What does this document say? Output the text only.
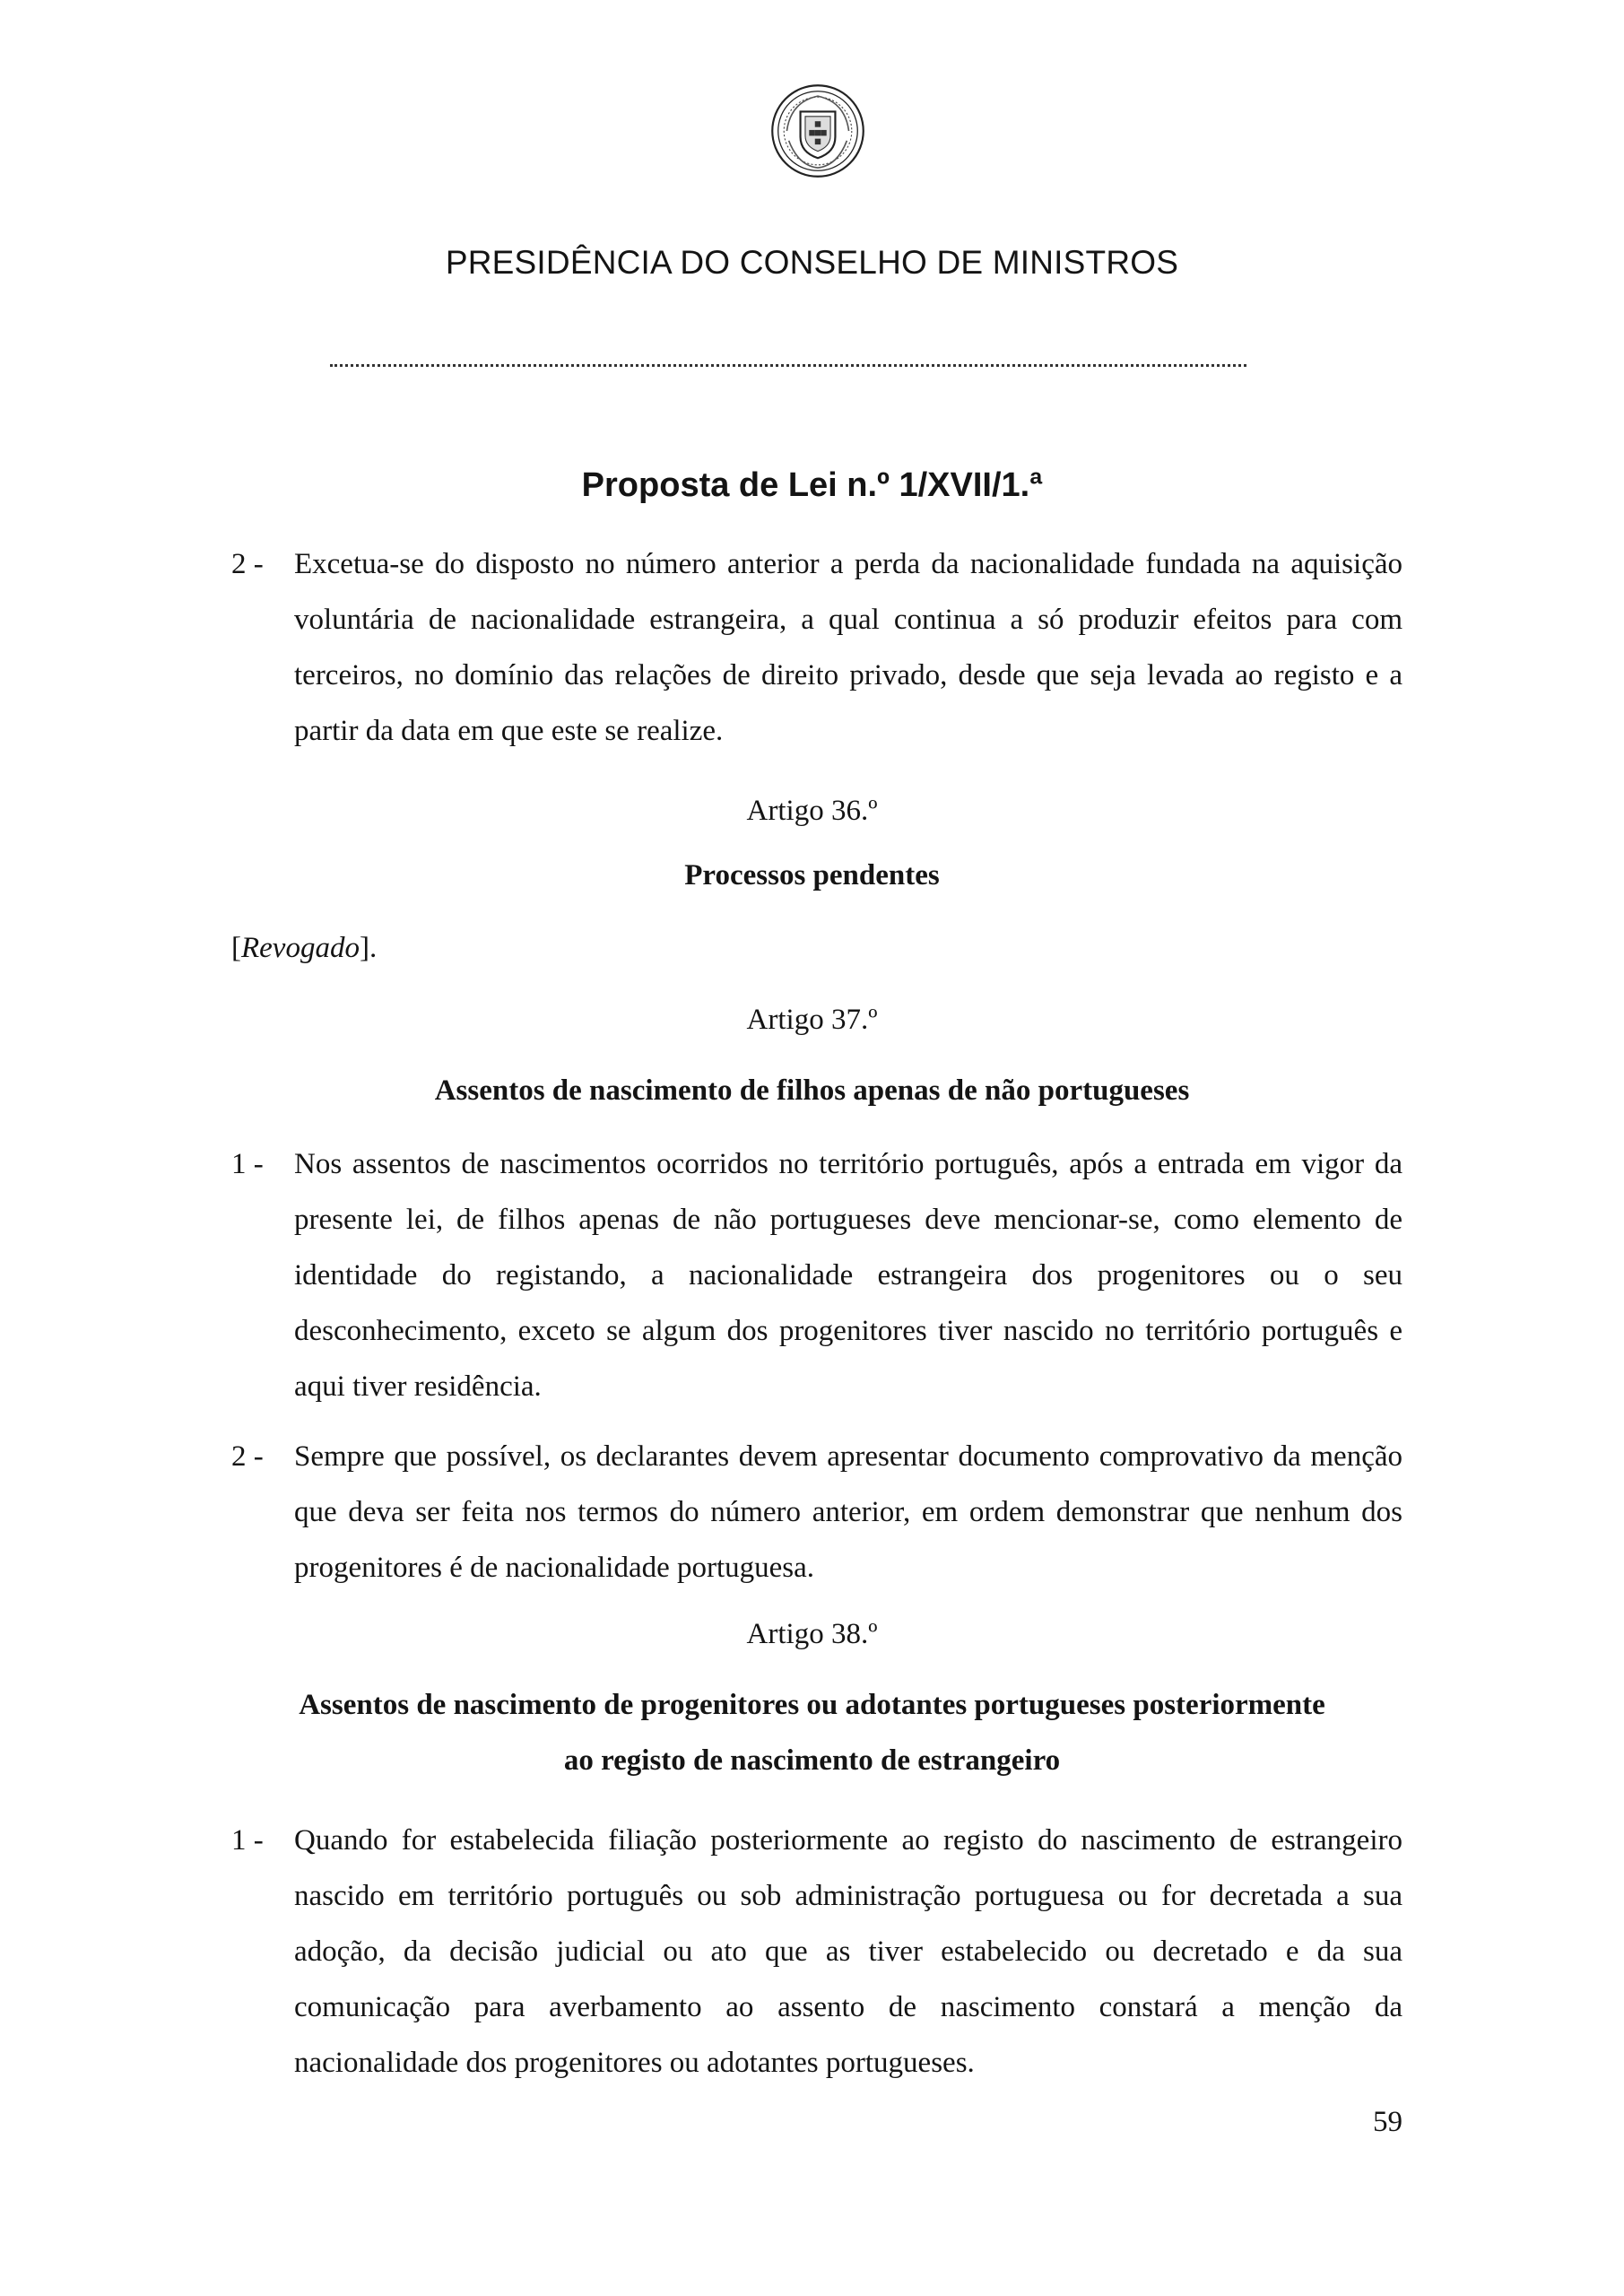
PRESIDÊNCIA DO CONSELHO DE MINISTROS
Proposta de Lei n.º 1/XVII/1.ª
2 - Excetua-se do disposto no número anterior a perda da nacionalidade fundada na aquisição voluntária de nacionalidade estrangeira, a qual continua a só produzir efeitos para com terceiros, no domínio das relações de direito privado, desde que seja levada ao registo e a partir da data em que este se realize.
Artigo 36.º
Processos pendentes
[Revogado].
Artigo 37.º
Assentos de nascimento de filhos apenas de não portugueses
1 - Nos assentos de nascimentos ocorridos no território português, após a entrada em vigor da presente lei, de filhos apenas de não portugueses deve mencionar-se, como elemento de identidade do registando, a nacionalidade estrangeira dos progenitores ou o seu desconhecimento, exceto se algum dos progenitores tiver nascido no território português e aqui tiver residência.
2 - Sempre que possível, os declarantes devem apresentar documento comprovativo da menção que deva ser feita nos termos do número anterior, em ordem demonstrar que nenhum dos progenitores é de nacionalidade portuguesa.
Artigo 38.º
Assentos de nascimento de progenitores ou adotantes portugueses posteriormente
ao registo de nascimento de estrangeiro
1 - Quando for estabelecida filiação posteriormente ao registo do nascimento de estrangeiro nascido em território português ou sob administração portuguesa ou for decretada a sua adoção, da decisão judicial ou ato que as tiver estabelecido ou decretado e da sua comunicação para averbamento ao assento de nascimento constará a menção da nacionalidade dos progenitores ou adotantes portugueses.
59
